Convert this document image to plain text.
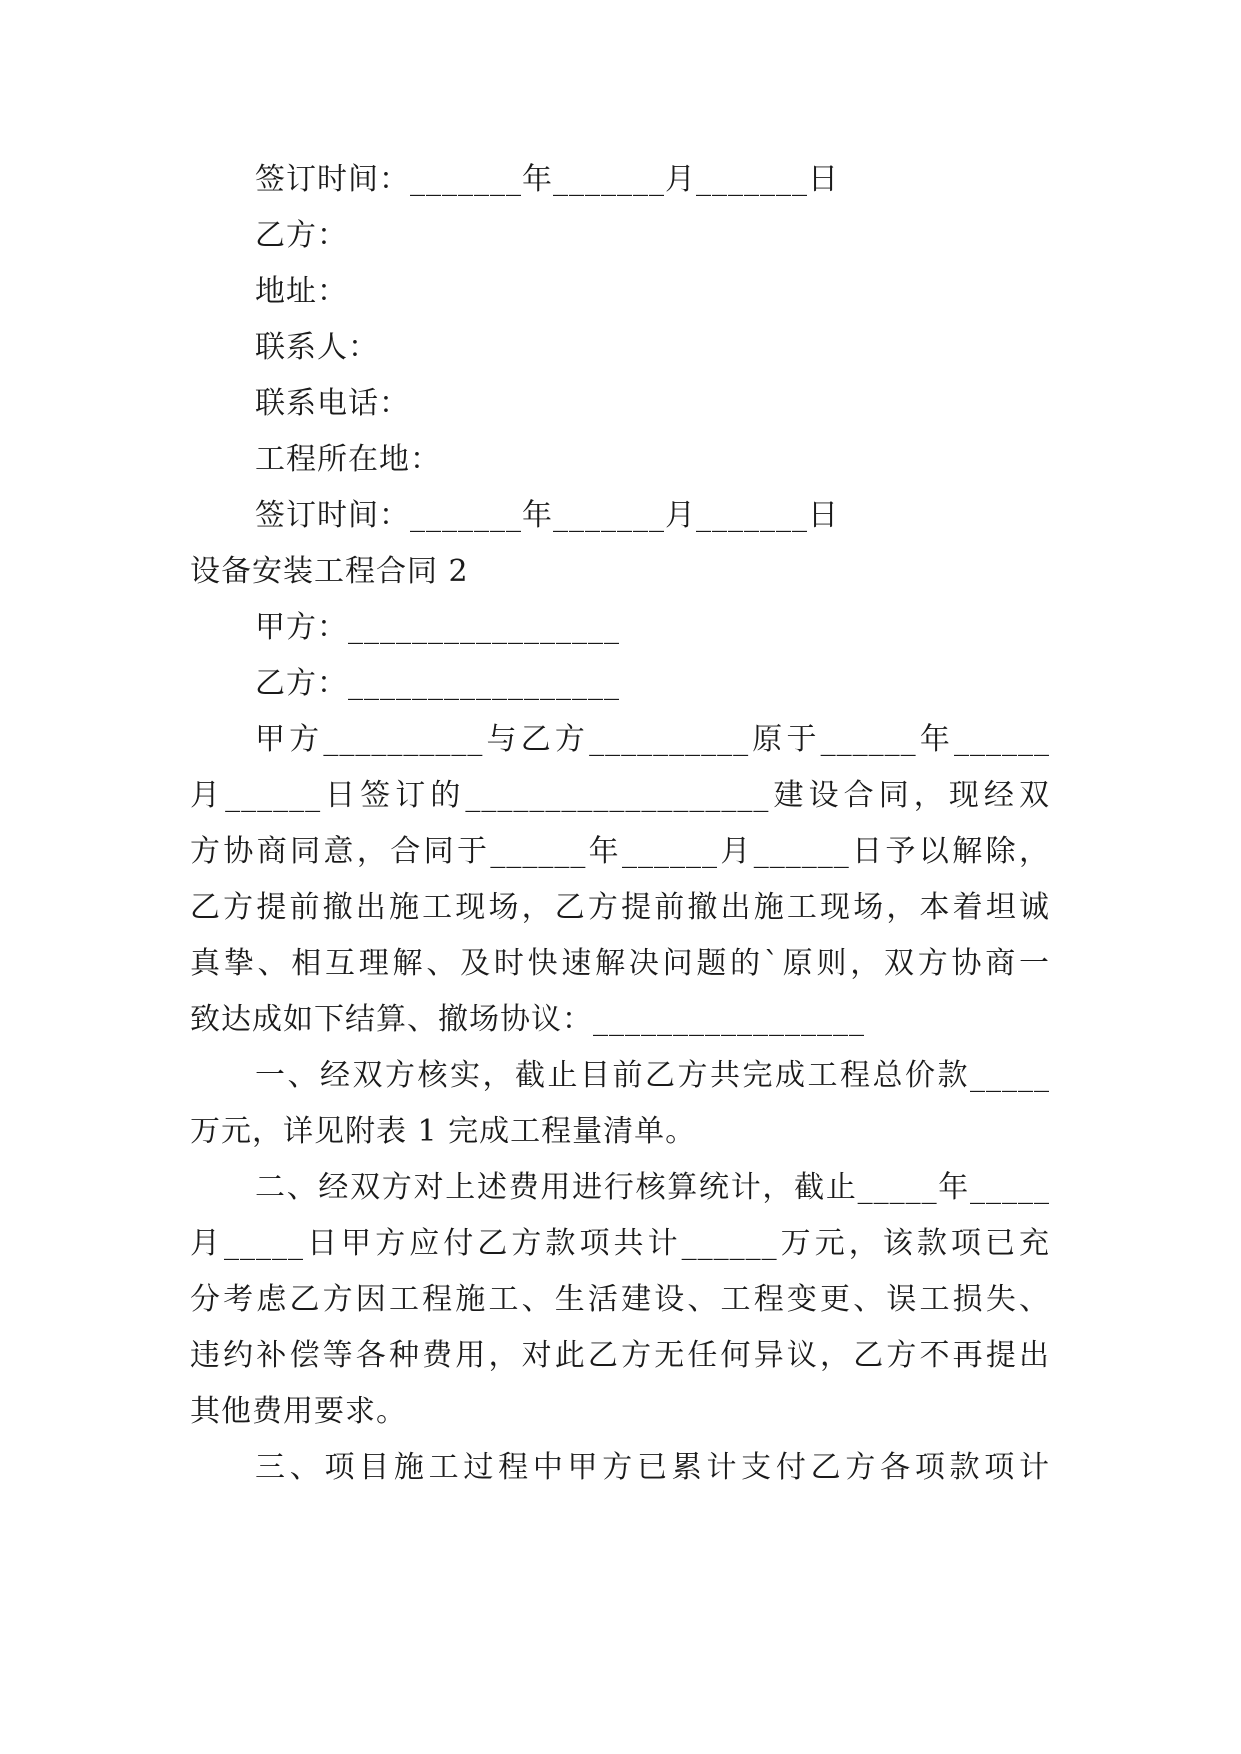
签订时间：_______年_______月_______日
乙方：
地址：
联系人：
联系电话：
工程所在地：
签订时间：_______年_______月_______日
设备安装工程合同 2
甲方：_________________
乙方：_________________
甲方__________与乙方__________原于______年______
月______日签订的___________________建设合同，现经双
方协商同意，合同于______年______月______日予以解除，
乙方提前撤出施工现场，乙方提前撤出施工现场，本着坦诚
真挚、相互理解、及时快速解决问题的`原则，双方协商一
致达成如下结算、撤场协议：_________________
一、经双方核实，截止目前乙方共完成工程总价款_____
万元，详见附表 1 完成工程量清单。
二、经双方对上述费用进行核算统计，截止_____年_____
月_____日甲方应付乙方款项共计______万元，该款项已充
分考虑乙方因工程施工、生活建设、工程变更、误工损失、
违约补偿等各种费用，对此乙方无任何异议，乙方不再提出
其他费用要求。
三、项目施工过程中甲方已累计支付乙方各项款项计
